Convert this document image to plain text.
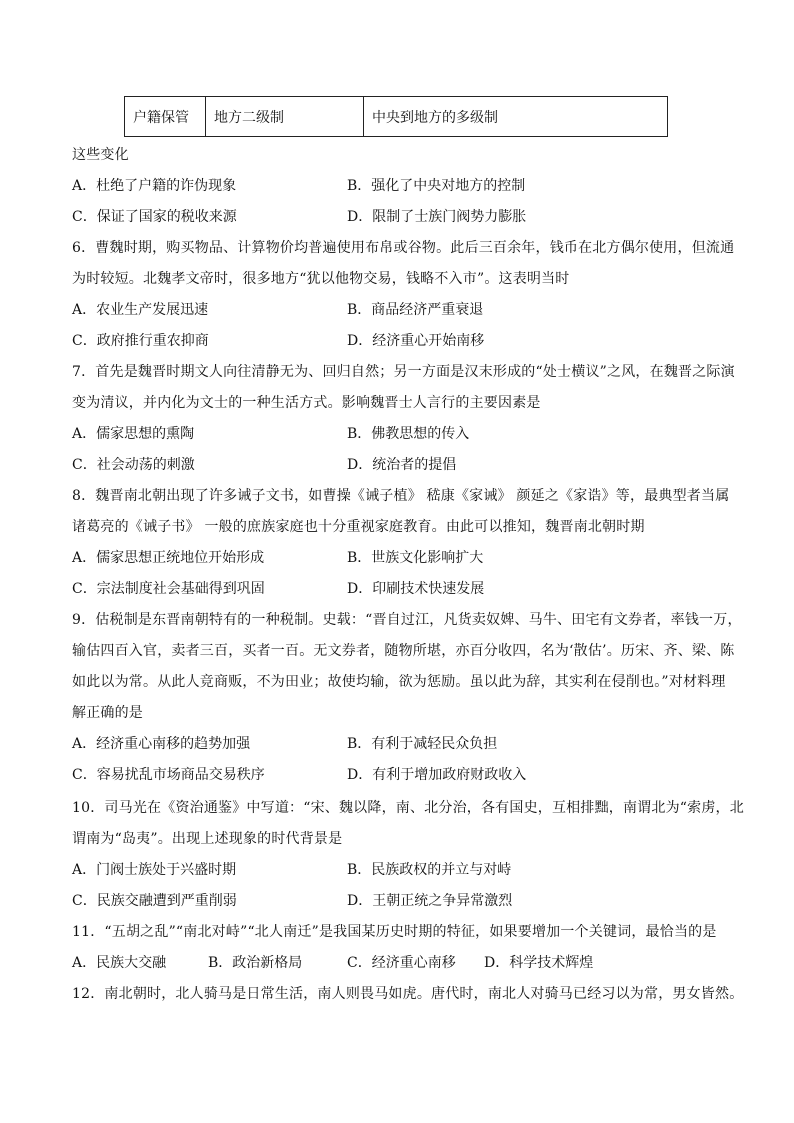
户籍保管	地方二级制	中央到地方的多级制
这些变化
A．杜绝了户籍的诈伪现象	B．强化了中央对地方的控制
C．保证了国家的税收来源	D．限制了士族门阀势力膨胀
6．曹魏时期，购买物品、计算物价均普遍使用布帛或谷物。此后三百余年，钱币在北方偶尔使用，但流通
为时较短。北魏孝文帝时，很多地方“犹以他物交易，钱略不入市”。这表明当时
A．农业生产发展迅速	B．商品经济严重衰退
C．政府推行重农抑商	D．经济重心开始南移
7．首先是魏晋时期文人向往清静无为、回归自然；另一方面是汉末形成的“处士横议”之风，在魏晋之际演
变为清议，并内化为文士的一种生活方式。影响魏晋士人言行的主要因素是
A．儒家思想的熏陶	B．佛教思想的传入
C．社会动荡的刺激	D．统治者的提倡
8．魏晋南北朝出现了许多诫子文书，如曹操《诫子植》 嵇康《家诫》 颜延之《家诰》等，最典型者当属
诸葛亮的《诫子书》 一般的庶族家庭也十分重视家庭教育。由此可以推知，魏晋南北朝时期
A．儒家思想正统地位开始形成	B．世族文化影响扩大
C．宗法制度社会基础得到巩固	D．印刷技术快速发展
9．估税制是东晋南朝特有的一种税制。史载：“晋自过江，凡货卖奴婢、马牛、田宅有文券者，率钱一万，
输估四百入官，卖者三百，买者一百。无文券者，随物所堪，亦百分收四，名为‘散估’。历宋、齐、梁、陈
如此以为常。从此人竞商贩，不为田业；故使均输，欲为惩励。虽以此为辞，其实利在侵削也。”对材料理
解正确的是
A．经济重心南移的趋势加强	B．有利于减轻民众负担
C．容易扰乱市场商品交易秩序	D．有利于增加政府财政收入
10．司马光在《资治通鉴》中写道：“宋、魏以降，南、北分治，各有国史，互相排黜，南谓北为“索虏，北
谓南为“岛夷”。出现上述现象的时代背景是
A．门阀士族处于兴盛时期	B．民族政权的并立与对峙
C．民族交融遭到严重削弱	D．王朝正统之争异常激烈
11．“五胡之乱”“南北对峙”“北人南迁”是我国某历史时期的特征，如果要增加一个关键词，最恰当的是
A．民族大交融	B．政治新格局	C．经济重心南移 D．科学技术辉煌
12．南北朝时，北人骑马是日常生活，南人则畏马如虎。唐代时，南北人对骑马已经习以为常，男女皆然。
